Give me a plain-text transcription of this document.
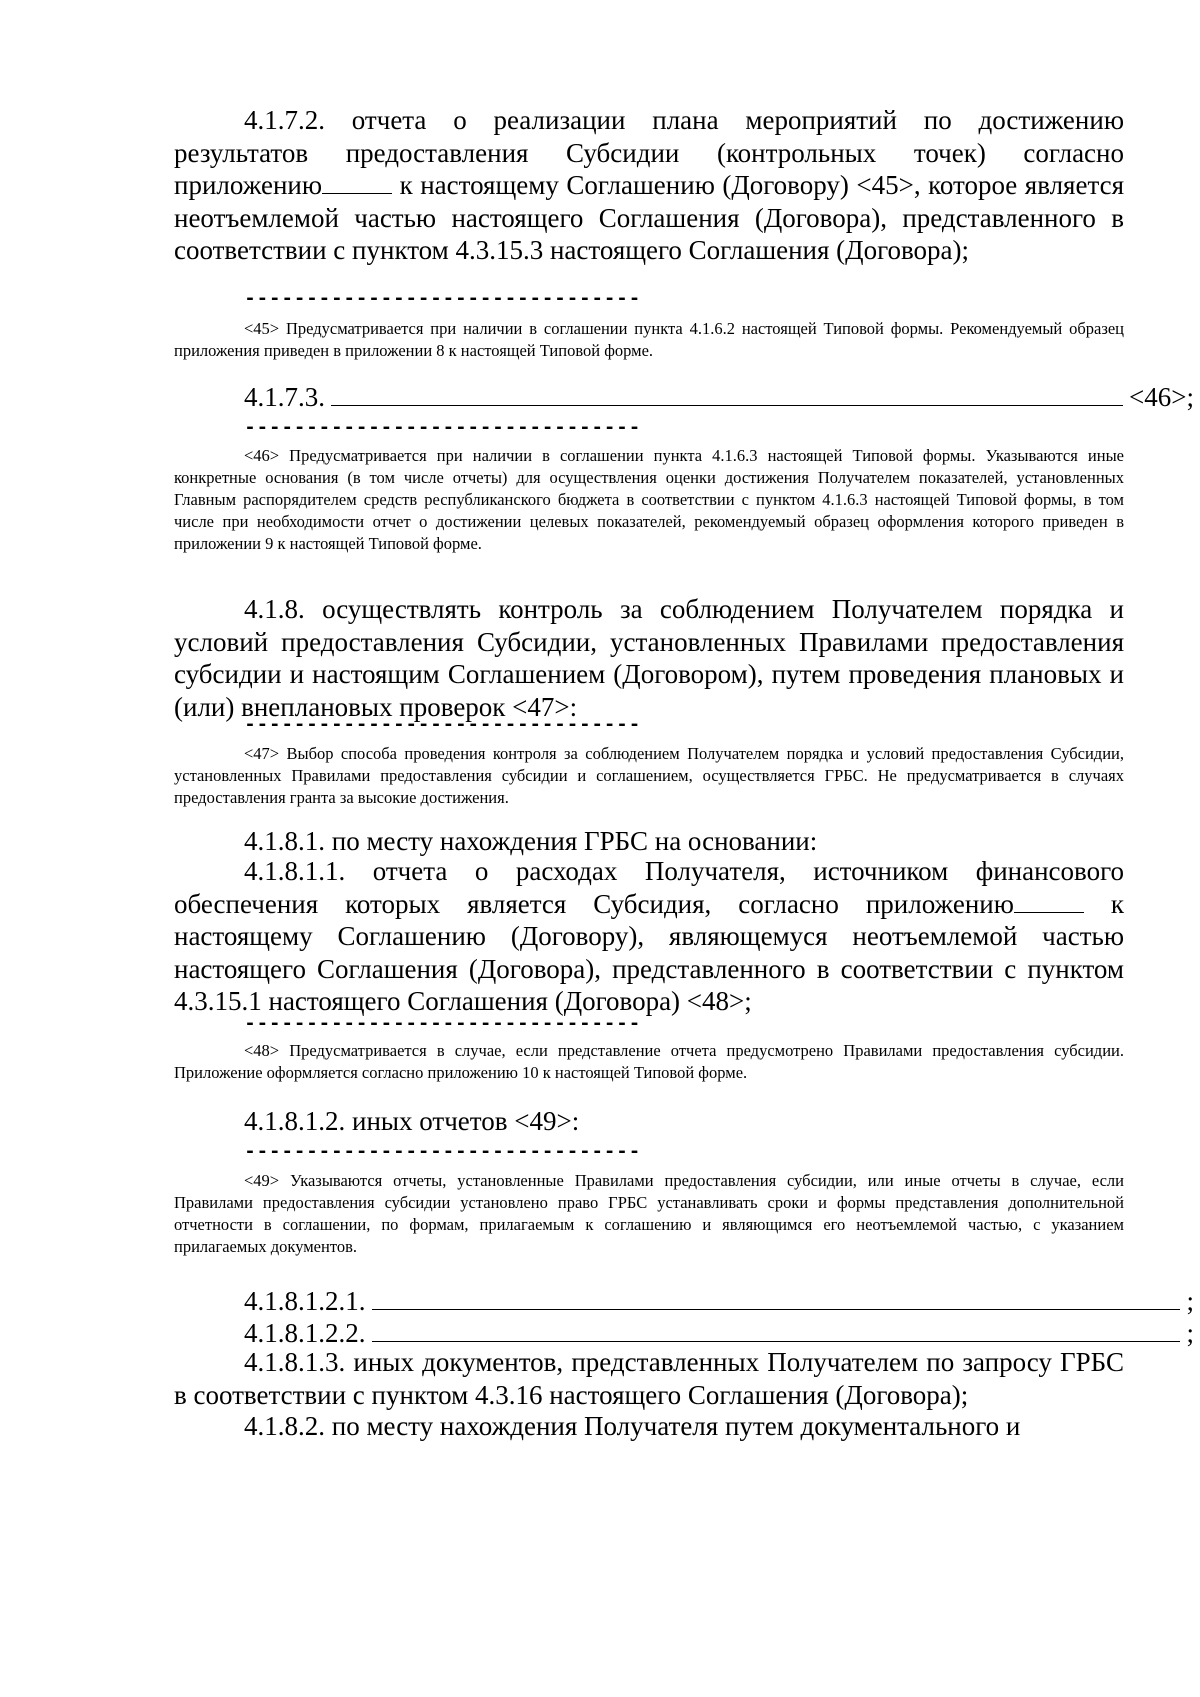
4.1.7.2. отчета о реализации плана мероприятий по достижению результатов предоставления Субсидии (контрольных точек) согласно приложению	к настоящему Соглашению (Договору) <45>, которое является неотъемлемой частью настоящего Соглашения (Договора), представленного в соответствии с пунктом 4.3.15.3 настоящего Соглашения (Договора);
--------------------------------
<45> Предусматривается при наличии в соглашении пункта 4.1.6.2 настоящей Типовой формы. Рекомендуемый образец приложения приведен в приложении 8 к настоящей Типовой форме.
4.1.7.3.	<46>;
--------------------------------
<46> Предусматривается при наличии в соглашении пункта 4.1.6.3 настоящей Типовой формы. Указываются иные конкретные основания (в том числе отчеты) для осуществления оценки достижения Получателем показателей, установленных Главным распорядителем средств республиканского бюджета в соответствии с пунктом 4.1.6.3 настоящей Типовой формы, в том числе при необходимости отчет о достижении целевых показателей, рекомендуемый образец оформления которого приведен в приложении 9 к настоящей Типовой форме.
4.1.8. осуществлять контроль за соблюдением Получателем порядка и условий предоставления Субсидии, установленных Правилами предоставления субсидии и настоящим Соглашением (Договором), путем проведения плановых и (или) внеплановых проверок <47>:
--------------------------------
<47> Выбор способа проведения контроля за соблюдением Получателем порядка и условий предоставления Субсидии, установленных Правилами предоставления субсидии и соглашением, осуществляется ГРБС. Не предусматривается в случаях предоставления гранта за высокие достижения.
4.1.8.1. по месту нахождения ГРБС на основании:
4.1.8.1.1. отчета о расходах Получателя, источником финансового обеспечения которых является Субсидия, согласно приложению	к настоящему Соглашению (Договору), являющемуся неотъемлемой частью настоящего Соглашения (Договора), представленного в соответствии с пунктом 4.3.15.1 настоящего Соглашения (Договора) <48>;
--------------------------------
<48> Предусматривается в случае, если представление отчета предусмотрено Правилами предоставления субсидии. Приложение оформляется согласно приложению 10 к настоящей Типовой форме.
4.1.8.1.2. иных отчетов <49>:
--------------------------------
<49> Указываются отчеты, установленные Правилами предоставления субсидии, или иные отчеты в случае, если Правилами предоставления субсидии установлено право ГРБС устанавливать сроки и формы представления дополнительной отчетности в соглашении, по формам, прилагаемым к соглашению и являющимся его неотъемлемой частью, с указанием прилагаемых документов.
4.1.8.1.2.1.	;
4.1.8.1.2.2.	;
4.1.8.1.3. иных документов, представленных Получателем по запросу ГРБС в соответствии с пунктом 4.3.16 настоящего Соглашения (Договора);
4.1.8.2. по месту нахождения Получателя путем документального и
